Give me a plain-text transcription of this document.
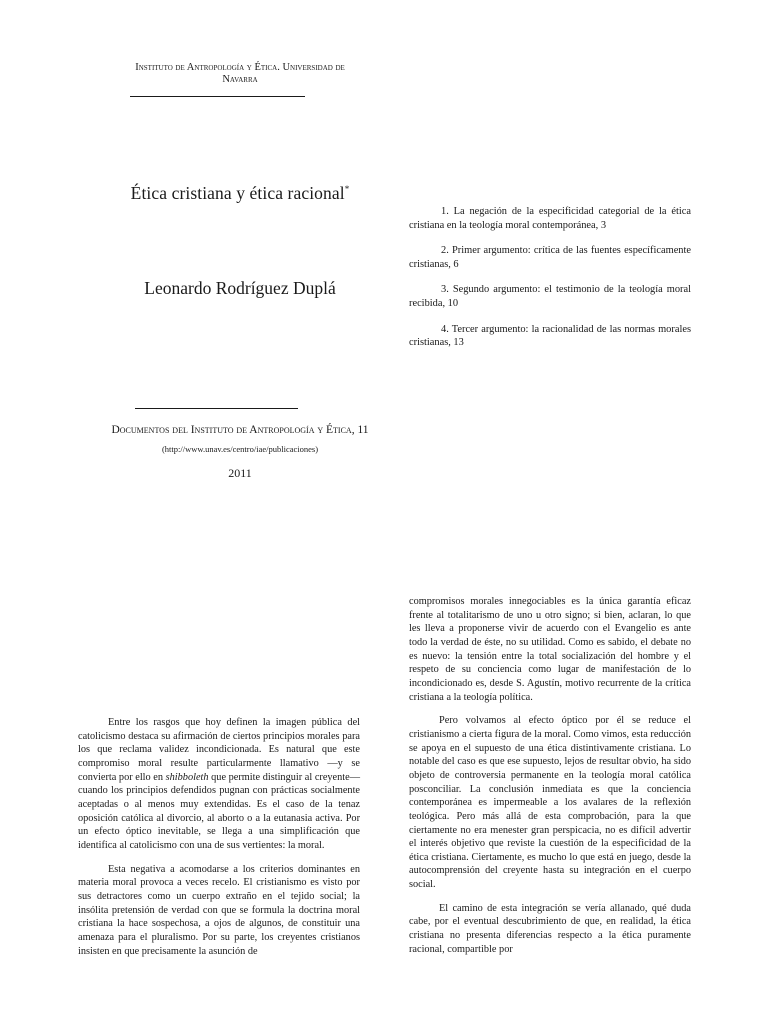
Instituto de Antropología y Ética. Universidad de
Navarra
Ética cristiana y ética racional*
Leonardo Rodríguez Duplá
Documentos del Instituto de Antropología y Ética, 11
(http://www.unav.es/centro/iae/publicaciones)
2011

1. La negación de la especificidad categorial de la ética cristiana en la teología moral contemporánea, 3

2. Primer argumento: crítica de las fuentes específicamente cristianas, 6

3. Segundo argumento: el testimonio de la teología moral recibida, 10

4. Tercer argumento: la racionalidad de las normas morales cristianas, 13

Entre los rasgos que hoy definen la imagen pública del catolicismo destaca su afirmación de ciertos principios morales para los que reclama validez incondicionada. Es natural que este compromiso moral resulte particularmente llamativo —y se convierta por ello en shibboleth que permite distinguir al creyente— cuando los principios defendidos pugnan con prácticas socialmente aceptadas o al menos muy extendidas. Es el caso de la tenaz oposición católica al divorcio, al aborto o a la eutanasia activa. Por un efecto óptico inevitable, se llega a una simplificación que identifica al catolicismo con una de sus vertientes: la moral.

Esta negativa a acomodarse a los criterios dominantes en materia moral provoca a veces recelo. El cristianismo es visto por sus detractores como un cuerpo extraño en el tejido social; la insólita pretensión de verdad con que se formula la doctrina moral cristiana la hace sospechosa, a ojos de algunos, de constituir una amenaza para el pluralismo. Por su parte, los creyentes cristianos insisten en que precisamente la asunción de

compromisos morales innegociables es la única garantía eficaz frente al totalitarismo de uno u otro signo; si bien, aclaran, lo que les lleva a proponerse vivir de acuerdo con el Evangelio es ante todo la verdad de éste, no su utilidad. Como es sabido, el debate no es nuevo: la tensión entre la total socialización del hombre y el respeto de su conciencia como lugar de manifestación de lo incondicionado es, desde S. Agustín, motivo recurrente de la crítica cristiana a la teología política.

Pero volvamos al efecto óptico por él se reduce el cristianismo a cierta figura de la moral. Como vimos, esta reducción se apoya en el supuesto de una ética distintivamente cristiana. Lo notable del caso es que ese supuesto, lejos de resultar obvio, ha sido objeto de controversia permanente en la teología moral católica posconciliar. La conclusión inmediata es que la conciencia contemporánea es impermeable a los avalares de la reflexión teológica. Pero más allá de esta comprobación, para la que ciertamente no era menester gran perspicacia, no es difícil advertir el interés objetivo que reviste la cuestión de la especificidad de la ética cristiana. Ciertamente, es mucho lo que está en juego, desde la autocomprensión del creyente hasta su integración en el cuerpo social.

El camino de esta integración se vería allanado, qué duda cabe, por el eventual descubrimiento de que, en realidad, la ética cristiana no presenta diferencias respecto a la ética puramente racional, compartible por
